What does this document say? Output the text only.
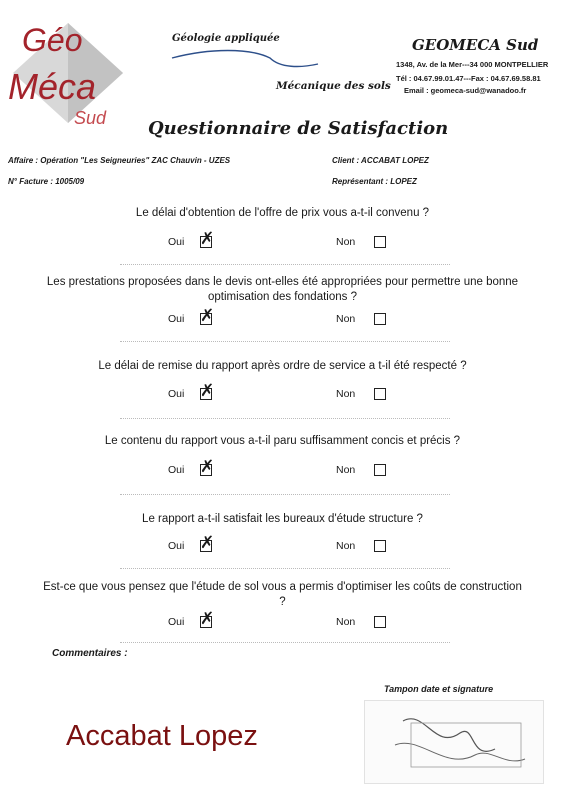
Géo
Méca
Sud
Géologie appliquée
Mécanique des sols
GEOMECA Sud
1348, Av. de la Mer---34 000 MONTPELLIER
Tél : 04.67.99.01.47---Fax : 04.67.69.58.81
Email : geomeca-sud@wanadoo.fr
Questionnaire de Satisfaction
Affaire : Opération "Les Seigneuries" ZAC Chauvin - UZES
N° Facture : 1005/09
Client : ACCABAT LOPEZ
Représentant : LOPEZ
Le délai d'obtention de l'offre de prix vous a-t-il convenu ?
Oui ✗	Non
Les prestations proposées dans le devis ont-elles été appropriées pour permettre une bonne optimisation des fondations ?
Oui ✗	Non
Le délai de remise du rapport après ordre de service a t-il été respecté ?
Oui ✗	Non
Le contenu du rapport vous a-t-il paru suffisamment concis et précis ?
Oui ✗	Non
Le rapport a-t-il satisfait les bureaux d'étude structure ?
Oui ✗	Non
Est-ce que vous pensez que l'étude de sol vous a permis d'optimiser les coûts de construction ?
Oui ✗	Non
Commentaires :
Tampon date et signature
Accabat Lopez
